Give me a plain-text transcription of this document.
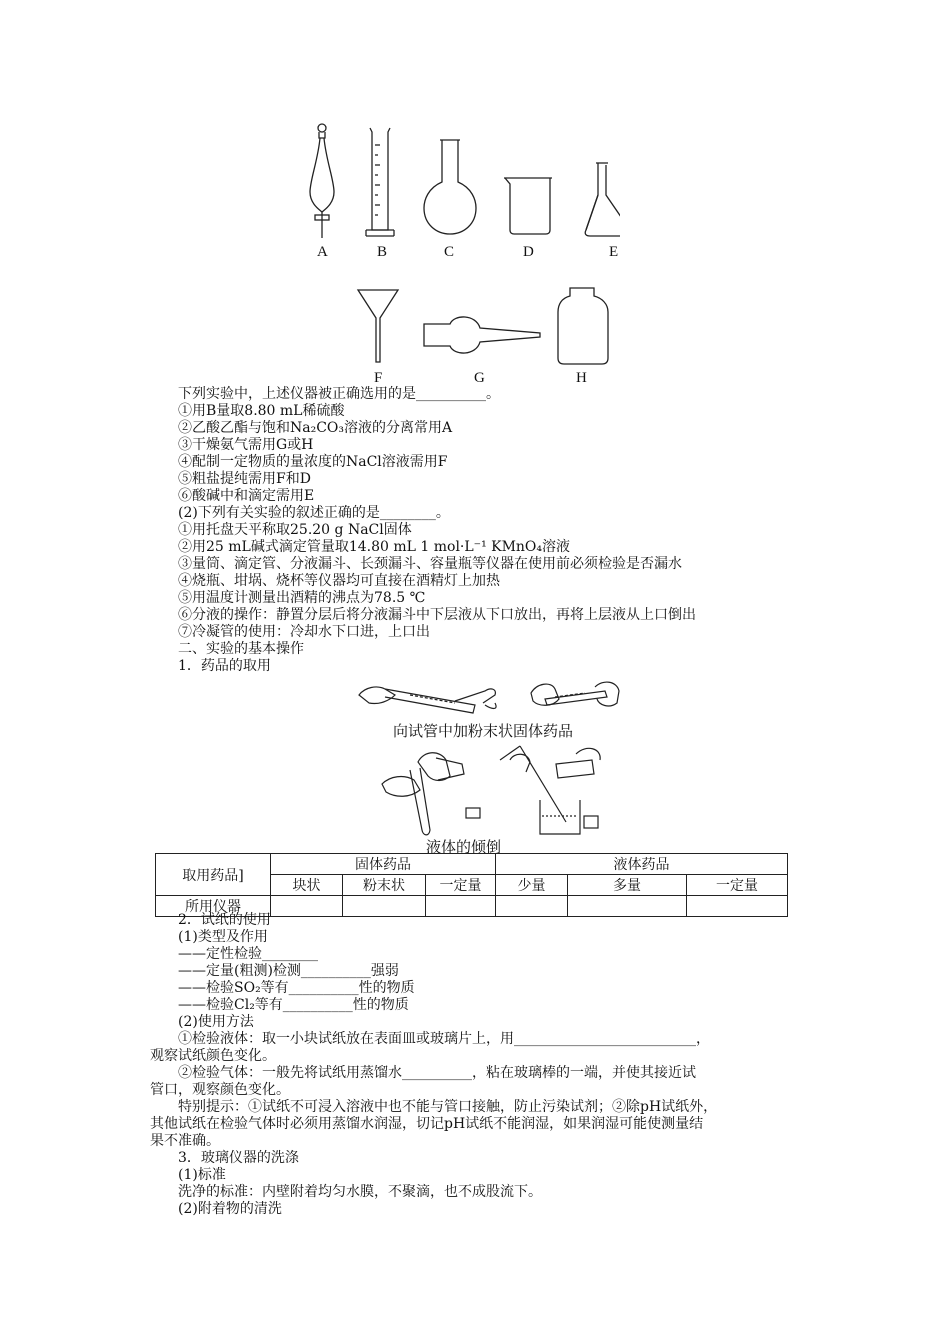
A	B	C	D	E
F	G	H
下列实验中，上述仪器被正确选用的是__________。
①用B量取8.80 mL稀硫酸
②乙酸乙酯与饱和Na₂CO₃溶液的分离常用A
③干燥氨气需用G或H
④配制一定物质的量浓度的NaCl溶液需用F
⑤粗盐提纯需用F和D
⑥酸碱中和滴定需用E
(2)下列有关实验的叙述正确的是________。
①用托盘天平称取25.20 g NaCl固体
②用25 mL碱式滴定管量取14.80 mL 1 mol·L⁻¹ KMnO₄溶液
③量筒、滴定管、分液漏斗、长颈漏斗、容量瓶等仪器在使用前必须检验是否漏水
④烧瓶、坩埚、烧杯等仪器均可直接在酒精灯上加热
⑤用温度计测量出酒精的沸点为78.5 ℃
⑥分液的操作：静置分层后将分液漏斗中下层液从下口放出，再将上层液从上口倒出
⑦冷凝管的使用：冷却水下口进，上口出
二、实验的基本操作
1．药品的取用
向试管中加粉末状固体药品
液体的倾倒
取用药品]	固体药品			液体药品		
	块状	粉末状	一定量	少量	多量	一定量
所用仪器						
2．试纸的使用
(1)类型及作用
——定性检验________
——定量(粗测)检测__________强弱
——检验SO₂等有__________性的物质
——检验Cl₂等有__________性的物质
(2)使用方法
①检验液体：取一小块试纸放在表面皿或玻璃片上，用__________________________，
观察试纸颜色变化。
②检验气体：一般先将试纸用蒸馏水__________，粘在玻璃棒的一端，并使其接近试
管口，观察颜色变化。
特别提示：①试纸不可浸入溶液中也不能与管口接触，防止污染试剂；②除pH试纸外，
其他试纸在检验气体时必须用蒸馏水润湿，切记pH试纸不能润湿，如果润湿可能使测量结
果不准确。
3．玻璃仪器的洗涤
(1)标准
洗净的标准：内壁附着均匀水膜，不聚滴，也不成股流下。
(2)附着物的清洗
